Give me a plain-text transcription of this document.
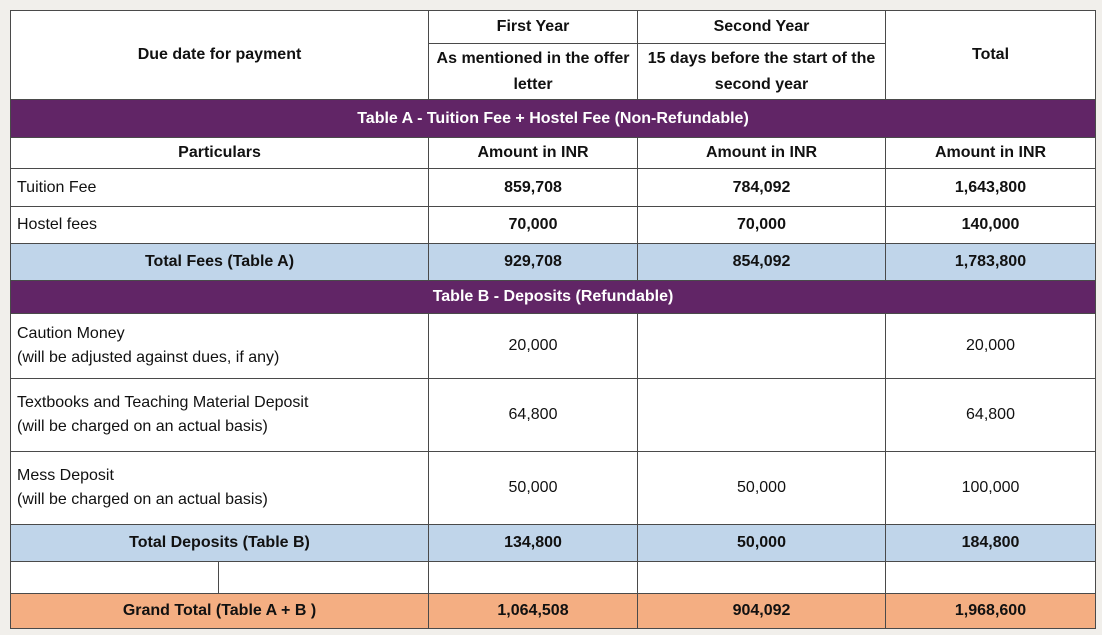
Due date for payment		First Year	Second Year	Total
		As mentioned in the offer letter	15 days before the start of the second year	
Table A - Tuition Fee + Hostel Fee (Non-Refundable)				
Particulars		Amount in INR	Amount in INR	Amount in INR
Tuition Fee		859,708	784,092	1,643,800
Hostel fees		70,000	70,000	140,000
Total Fees (Table A)		929,708	854,092	1,783,800
Table B - Deposits (Refundable)				

Caution Money
(will be adjusted against dues, if any)		20,000		20,000

Textbooks and Teaching Material Deposit
(will be charged on an actual basis)		64,800		64,800

Mess Deposit
(will be charged on an actual basis)		50,000	50,000	100,000
Total Deposits (Table B)		134,800	50,000	184,800

Grand Total (Table A + B )		1,064,508	904,092	1,968,600
